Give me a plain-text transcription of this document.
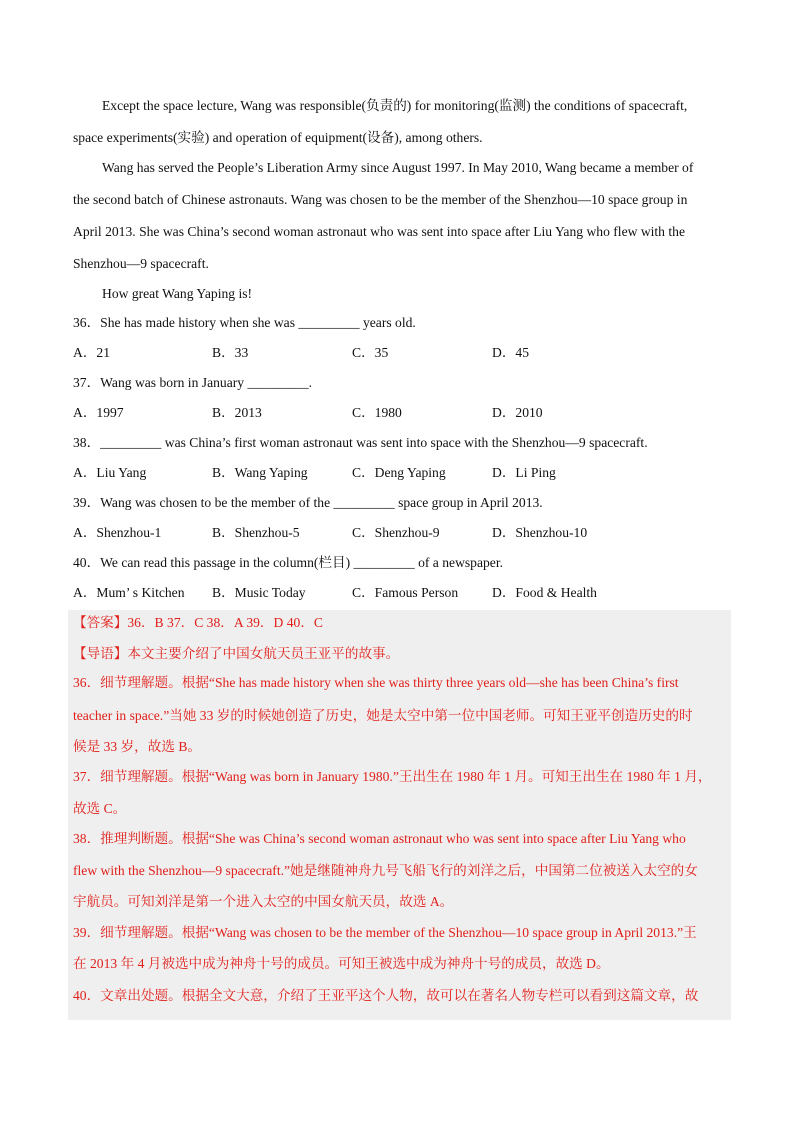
Except the space lecture, Wang was responsible(负责的) for monitoring(监测) the conditions of spacecraft,
space experiments(实验) and operation of equipment(设备), among others.
Wang has served the People’s Liberation Army since August 1997. In May 2010, Wang became a member of
the second batch of Chinese astronauts. Wang was chosen to be the member of the Shenzhou—10 space group in
April 2013. She was China’s second woman astronaut who was sent into space after Liu Yang who flew with the
Shenzhou—9 spacecraft.
How great Wang Yaping is!
36．She has made history when she was _________ years old.
A．21	B．33	C．35	D．45
37．Wang was born in January _________.
A．1997	B．2013	C．1980	D．2010
38．_________ was China’s first woman astronaut was sent into space with the Shenzhou—9 spacecraft.
A．Liu Yang	B．Wang Yaping	C．Deng Yaping	D．Li Ping
39．Wang was chosen to be the member of the _________ space group in April 2013.
A．Shenzhou-1	B．Shenzhou-5	C．Shenzhou-9	D．Shenzhou-10
40．We can read this passage in the column(栏目) _________ of a newspaper.
A．Mum’ s Kitchen B．Music Today	C．Famous Person D．Food & Health
【答案】36．B 37．C 38．A 39．D 40．C
【导语】本文主要介绍了中国女航天员王亚平的故事。
36．细节理解题。根据“She has made history when she was thirty three years old—she has been China’s first
teacher in space.”当她 33 岁的时候她创造了历史，她是太空中第一位中国老师。可知王亚平创造历史的时
候是 33 岁，故选 B。
37．细节理解题。根据“Wang was born in January 1980.”王出生在 1980 年 1 月。可知王出生在 1980 年 1 月，
故选 C。
38．推理判断题。根据“She was China’s second woman astronaut who was sent into space after Liu Yang who
flew with the Shenzhou—9 spacecraft.”她是继随神舟九号飞船飞行的刘洋之后，中国第二位被送入太空的女
宇航员。可知刘洋是第一个进入太空的中国女航天员，故选 A。
39．细节理解题。根据“Wang was chosen to be the member of the Shenzhou—10 space group in April 2013.”王
在 2013 年 4 月被选中成为神舟十号的成员。可知王被选中成为神舟十号的成员，故选 D。
40．文章出处题。根据全文大意，介绍了王亚平这个人物，故可以在著名人物专栏可以看到这篇文章，故
